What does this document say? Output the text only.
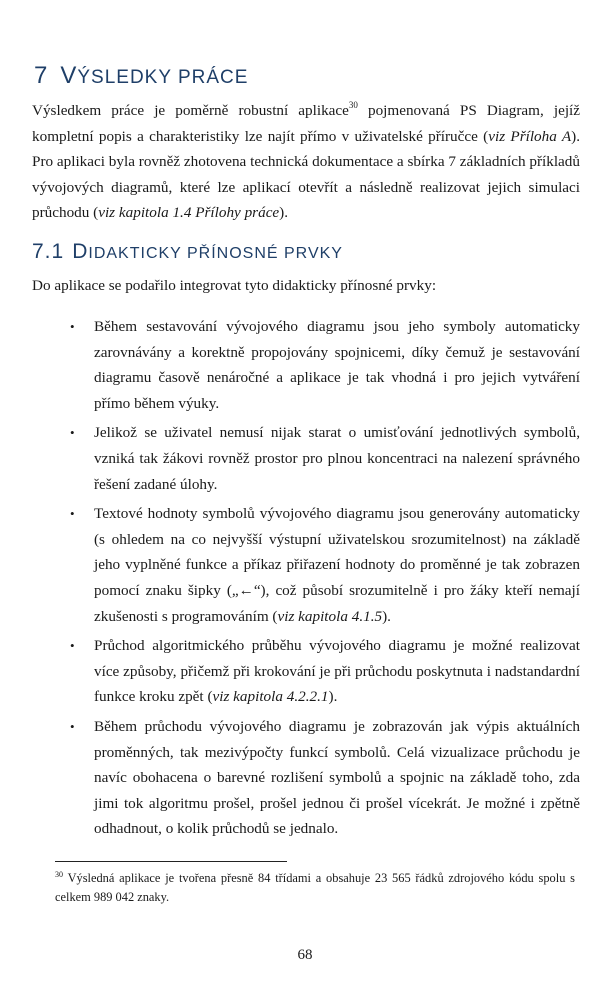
7 VÝSLEDKY PRÁCE

Výsledkem práce je poměrně robustní aplikace$^{30}$ pojmenovaná PS Diagram, jejíž kompletní popis a charakteristiky lze najít přímo v uživatelské příručce (viz Příloha A). Pro aplikaci byla rovněž zhotovena technická dokumentace a sbírka 7 základních příkladů vývojových diagramů, které lze aplikací otevřít a následně realizovat jejich simulaci průchodu (viz kapitola 1.4 Přílohy práce).

7.1 DIDAKTICKY PŘÍNOSNÉ PRVKY

Do aplikace se podařilo integrovat tyto didakticky přínosné prvky:

• Během sestavování vývojového diagramu jsou jeho symboly automaticky zarovnávány a korektně propojovány spojnicemi, díky čemuž je sestavování diagramu časově nenáročné a aplikace je tak vhodná i pro jejich vytváření přímo během výuky.
• Jelikož se uživatel nemusí nijak starat o umisťování jednotlivých symbolů, vzniká tak žákovi rovněž prostor pro plnou koncentraci na nalezení správného řešení zadané úlohy.
• Textové hodnoty symbolů vývojového diagramu jsou generovány automaticky (s ohledem na co nejvyšší výstupní uživatelskou srozumitelnost) na základě jeho vyplněné funkce a příkaz přiřazení hodnoty do proměnné je tak zobrazen pomocí znaku šipky („←“), což působí srozumitelně i pro žáky kteří nemají zkušenosti s programováním (viz kapitola 4.1.5).
• Průchod algoritmického průběhu vývojového diagramu je možné realizovat více způsoby, přičemž při krokování je při průchodu poskytnuta i nadstandardní funkce kroku zpět (viz kapitola 4.2.2.1).
• Během průchodu vývojového diagramu je zobrazován jak výpis aktuálních proměnných, tak mezivýpočty funkcí symbolů. Celá vizualizace průchodu je navíc obohacena o barevné rozlišení symbolů a spojnic na základě toho, zda jimi tok algoritmu prošel, prošel jednou či prošel vícekrát. Je možné i zpětně odhadnout, o kolik průchodů se jednalo.

$^{30}$ Výsledná aplikace je tvořena přesně 84 třídami a obsahuje 23 565 řádků zdrojového kódu spolu s celkem 989 042 znaky.

68
